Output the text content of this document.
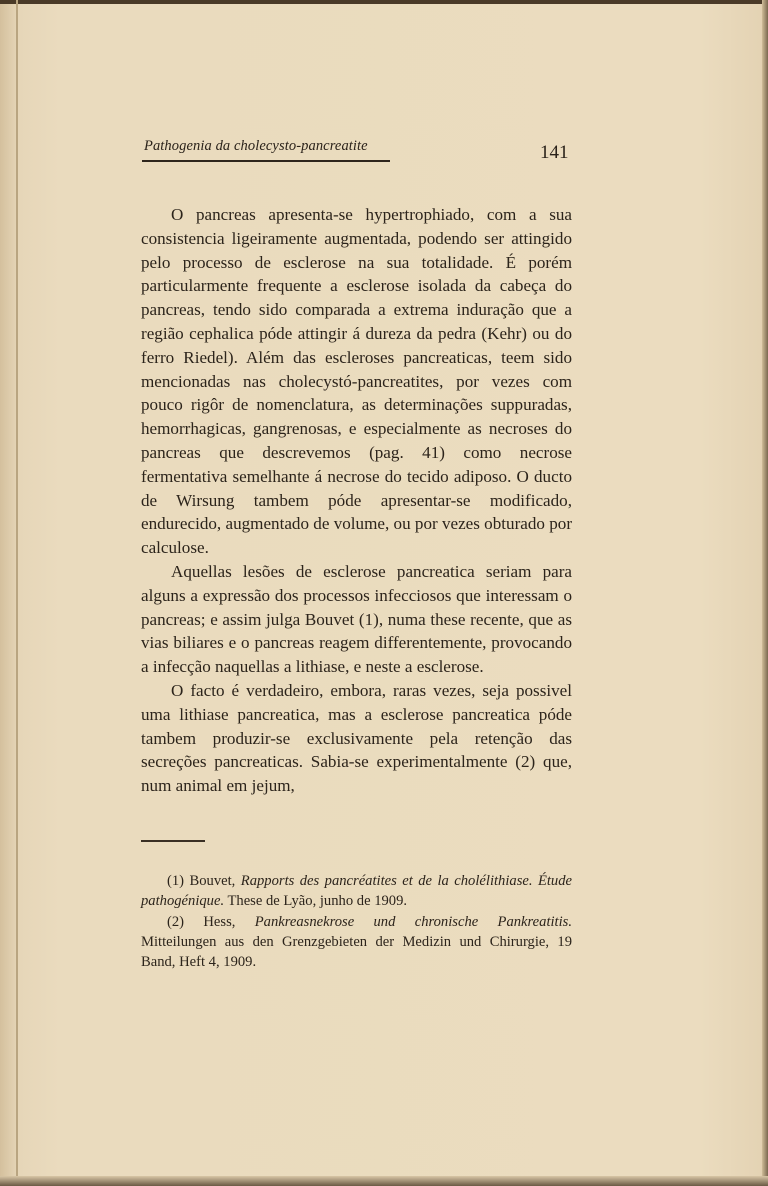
Pathogenia da cholecysto-pancreatite	141

O pancreas apresenta-se hypertrophiado, com a sua consistencia ligeiramente augmentada, podendo ser attingido pelo processo de esclerose na sua totalidade. É porém particularmente frequente a esclerose isolada da cabeça do pancreas, tendo sido comparada a extrema induração que a região cephalica póde attingir á dureza da pedra (Kehr) ou do ferro Riedel). Além das escleroses pancreaticas, teem sido mencionadas nas cholecystó-pancreatites, por vezes com pouco rigôr de nomenclatura, as determinações suppuradas, hemorrhagicas, gangrenosas, e especialmente as necroses do pancreas que descrevemos (pag. 41) como necrose fermentativa semelhante á necrose do tecido adiposo. O ducto de Wirsung tambem póde apresentar-se modificado, endurecido, augmentado de volume, ou por vezes obturado por calculose.

Aquellas lesões de esclerose pancreatica seriam para alguns a expressão dos processos infecciosos que interessam o pancreas; e assim julga Bouvet (1), numa these recente, que as vias biliares e o pancreas reagem differentemente, provocando a infecção naquellas a lithiase, e neste a esclerose.

O facto é verdadeiro, embora, raras vezes, seja possivel uma lithiase pancreatica, mas a esclerose pancreatica póde tambem produzir-se exclusivamente pela retenção das secreções pancreaticas. Sabia-se experimentalmente (2) que, num animal em jejum,

(1) Bouvet, Rapports des pancréatites et de la cholélithiase. Étude pathogénique. These de Lyão, junho de 1909.

(2) Hess, Pankreasnekrose und chronische Pankreatitis. Mitteilungen aus den Grenzgebieten der Medizin und Chirurgie, 19 Band, Heft 4, 1909.
